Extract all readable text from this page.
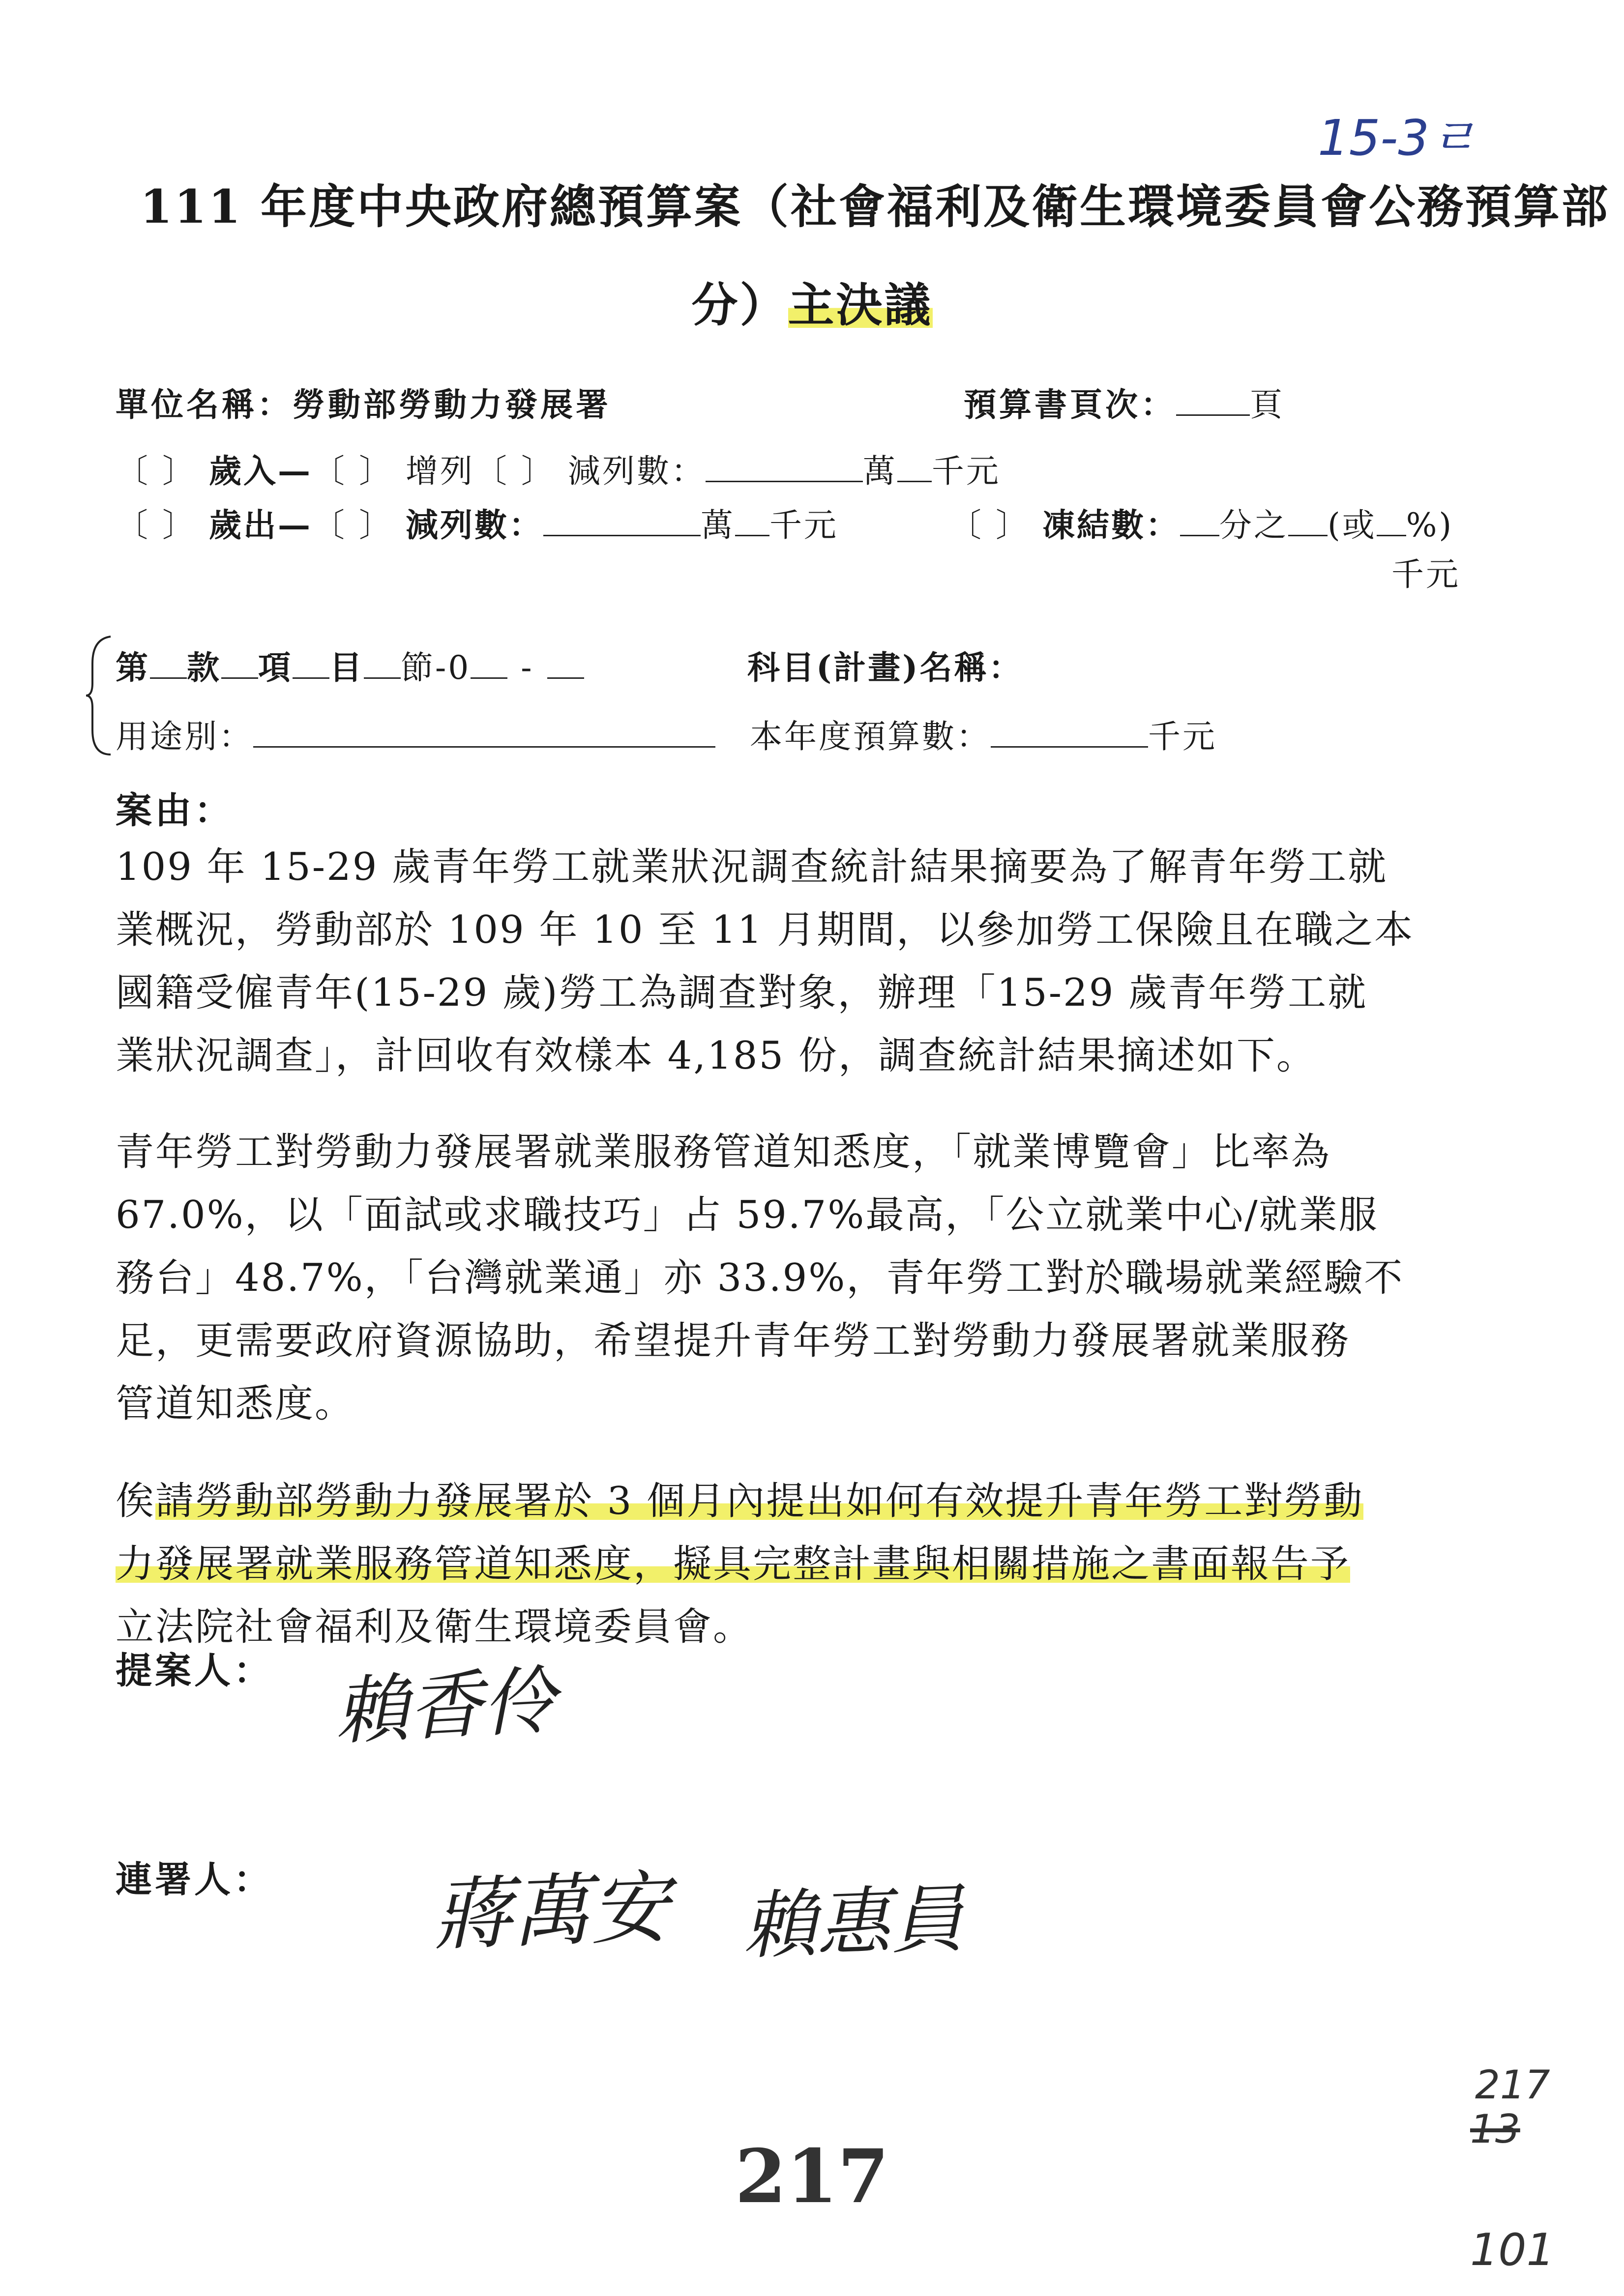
15-3ㄹ
111 年度中央政府總預算案（社會福利及衛生環境委員會公務預算部
分）主決議
單位名稱：勞動部勞動力發展署	預算書頁次： 頁
〔 〕 歲入—〔 〕 增列〔 〕 減列數：	萬 千元
〔 〕 歲出—〔 〕 減列數：	萬 千元	〔 〕 凍結數： 分之 (或 %)
千元
第 款 項 目 節-0 -	科目(計畫)名稱：
用途別：	本年度預算數：	千元
案由：

109 年 15-29 歲青年勞工就業狀況調查統計結果摘要為了解青年勞工就

業概況，勞動部於 109 年 10 至 11 月期間，以參加勞工保險且在職之本

國籍受僱青年(15-29 歲)勞工為調查對象，辦理「15-29 歲青年勞工就

業狀況調查」，計回收有效樣本 4,185 份，調查統計結果摘述如下。

青年勞工對勞動力發展署就業服務管道知悉度，「就業博覽會」比率為

67.0%，以「面試或求職技巧」占 59.7%最高，「公立就業中心/就業服

務台」48.7%，「台灣就業通」亦 33.9%，青年勞工對於職場就業經驗不

足，更需要政府資源協助，希望提升青年勞工對勞動力發展署就業服務

管道知悉度。

俟請勞動部勞動力發展署於 3 個月內提出如何有效提升青年勞工對勞動

力發展署就業服務管道知悉度，擬具完整計畫與相關措施之書面報告予

立法院社會福利及衛生環境委員會。

提案人： 賴香伶
連署人： 蔣萬安 賴惠員
217
217
13
101
